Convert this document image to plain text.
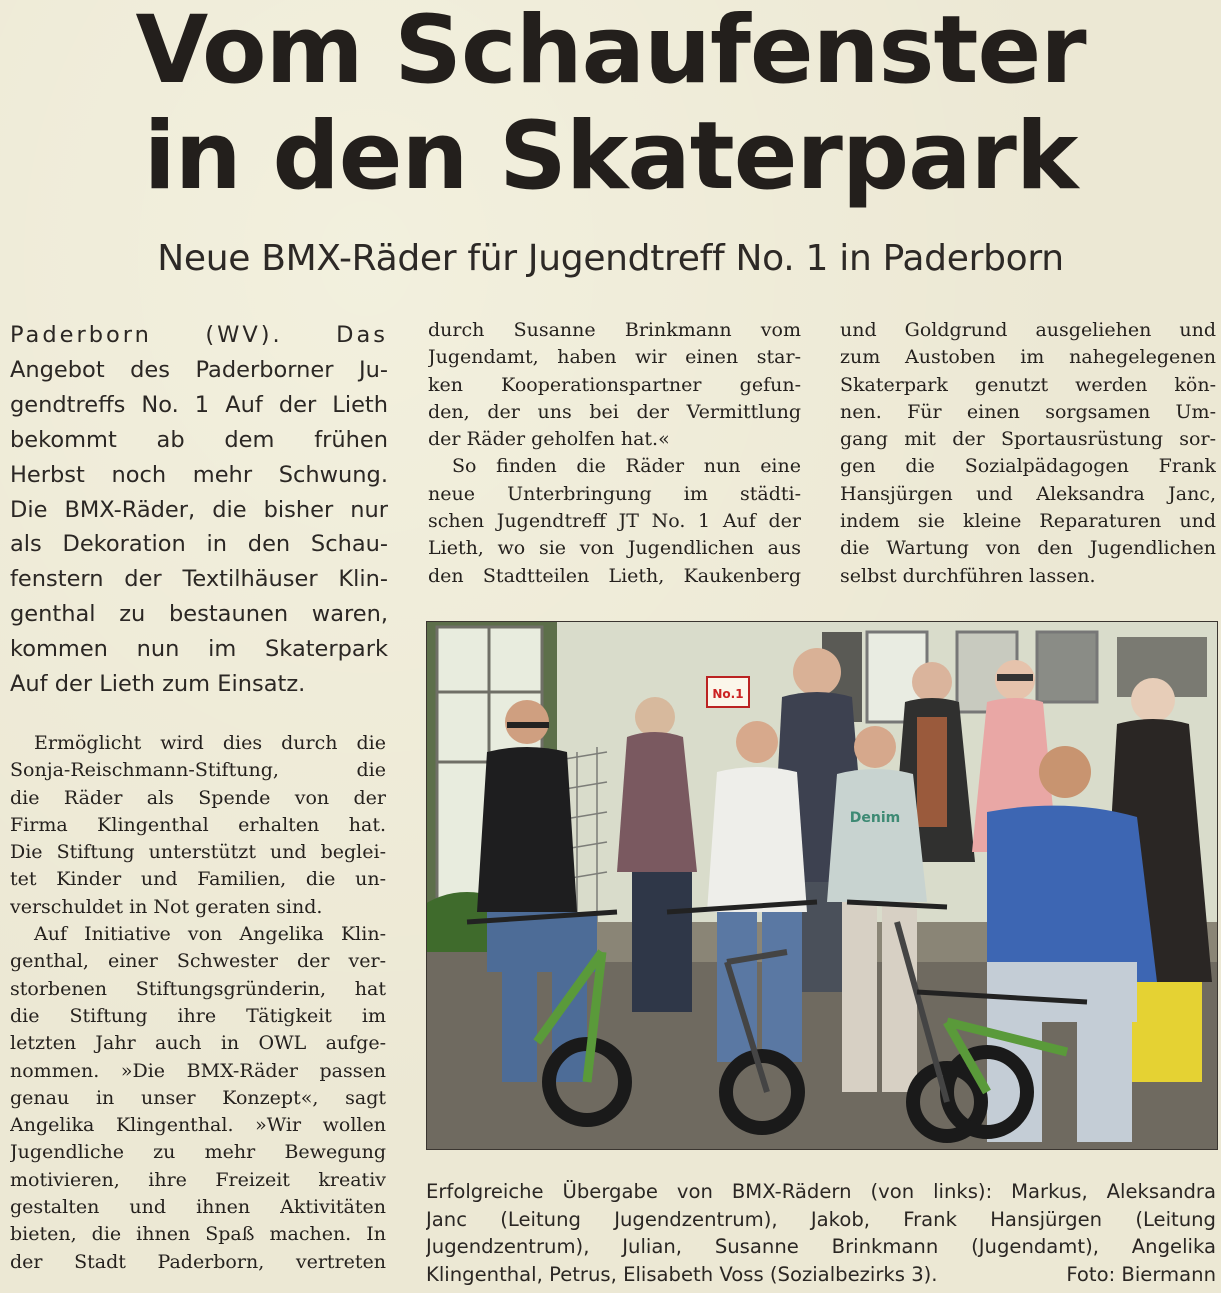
Vom Schaufenster
in den Skaterpark
Neue BMX-Räder für Jugendtreff No. 1 in Paderborn
Paderborn (WV). Das
Angebot des Paderborner Ju-
gendtreffs No. 1 Auf der Lieth
bekommt ab dem frühen
Herbst noch mehr Schwung.
Die BMX-Räder, die bisher nur
als Dekoration in den Schau-
fenstern der Textilhäuser Klin-
genthal zu bestaunen waren,
kommen nun im Skaterpark
Auf der Lieth zum Einsatz.
Ermöglicht wird dies durch die
Sonja-Reischmann-Stiftung, die
die Räder als Spende von der
Firma Klingenthal erhalten hat.
Die Stiftung unterstützt und beglei-
tet Kinder und Familien, die un-
verschuldet in Not geraten sind.
Auf Initiative von Angelika Klin-
genthal, einer Schwester der ver-
storbenen Stiftungsgründerin, hat
die Stiftung ihre Tätigkeit im
letzten Jahr auch in OWL aufge-
nommen. »Die BMX-Räder passen
genau in unser Konzept«, sagt
Angelika Klingenthal. »Wir wollen
Jugendliche zu mehr Bewegung
motivieren, ihre Freizeit kreativ
gestalten und ihnen Aktivitäten
bieten, die ihnen Spaß machen. In
der Stadt Paderborn, vertreten
durch Susanne Brinkmann vom
Jugendamt, haben wir einen star-
ken Kooperationspartner gefun-
den, der uns bei der Vermittlung
der Räder geholfen hat.«
So finden die Räder nun eine
neue Unterbringung im städti-
schen Jugendtreff JT No. 1 Auf der
Lieth, wo sie von Jugendlichen aus
den Stadtteilen Lieth, Kaukenberg
und Goldgrund ausgeliehen und
zum Austoben im nahegelegenen
Skaterpark genutzt werden kön-
nen. Für einen sorgsamen Um-
gang mit der Sportausrüstung sor-
gen die Sozialpädagogen Frank
Hansjürgen und Aleksandra Janc,
indem sie kleine Reparaturen und
die Wartung von den Jugendlichen
selbst durchführen lassen.
No.1
Denim
Erfolgreiche Übergabe von BMX-Rädern (von links): Markus, Aleksandra
Janc (Leitung Jugendzentrum), Jakob, Frank Hansjürgen (Leitung
Jugendzentrum), Julian, Susanne Brinkmann (Jugendamt), Angelika
Klingenthal, Petrus, Elisabeth Voss (Sozialbezirks 3).	Foto: Biermann
